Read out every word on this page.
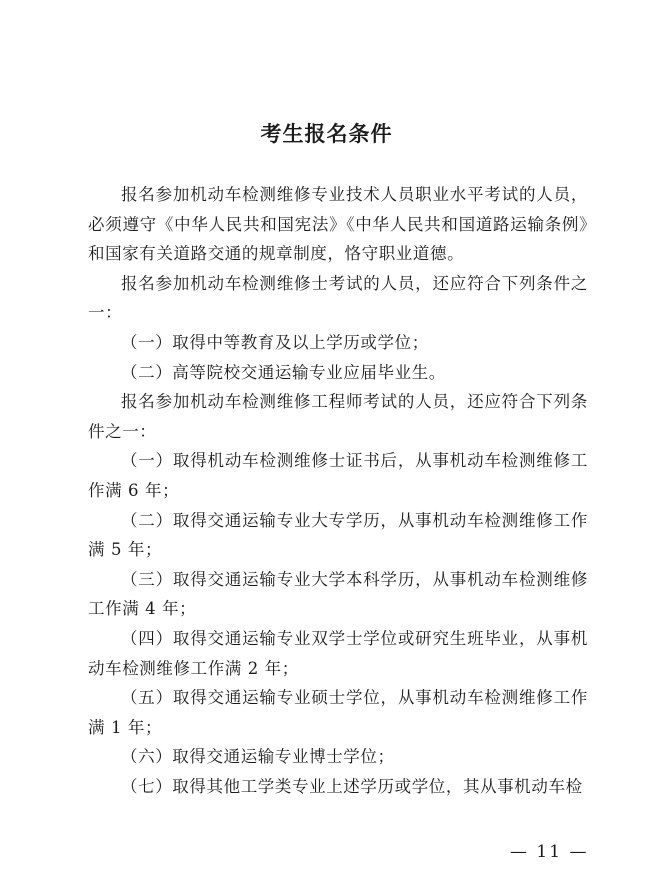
考生报名条件

报名参加机动车检测维修专业技术人员职业水平考试的人员，必须遵守《中华人民共和国宪法》《中华人民共和国道路运输条例》和国家有关道路交通的规章制度，恪守职业道德。

报名参加机动车检测维修士考试的人员，还应符合下列条件之一：

（一）取得中等教育及以上学历或学位；

（二）高等院校交通运输专业应届毕业生。

报名参加机动车检测维修工程师考试的人员，还应符合下列条件之一：

（一）取得机动车检测维修士证书后，从事机动车检测维修工作满 6 年；

（二）取得交通运输专业大专学历，从事机动车检测维修工作满 5 年；

（三）取得交通运输专业大学本科学历，从事机动车检测维修工作满 4 年；

（四）取得交通运输专业双学士学位或研究生班毕业，从事机动车检测维修工作满 2 年；

（五）取得交通运输专业硕士学位，从事机动车检测维修工作满 1 年；

（六）取得交通运输专业博士学位；

（七）取得其他工学类专业上述学历或学位，其从事机动车检

— 11 —
